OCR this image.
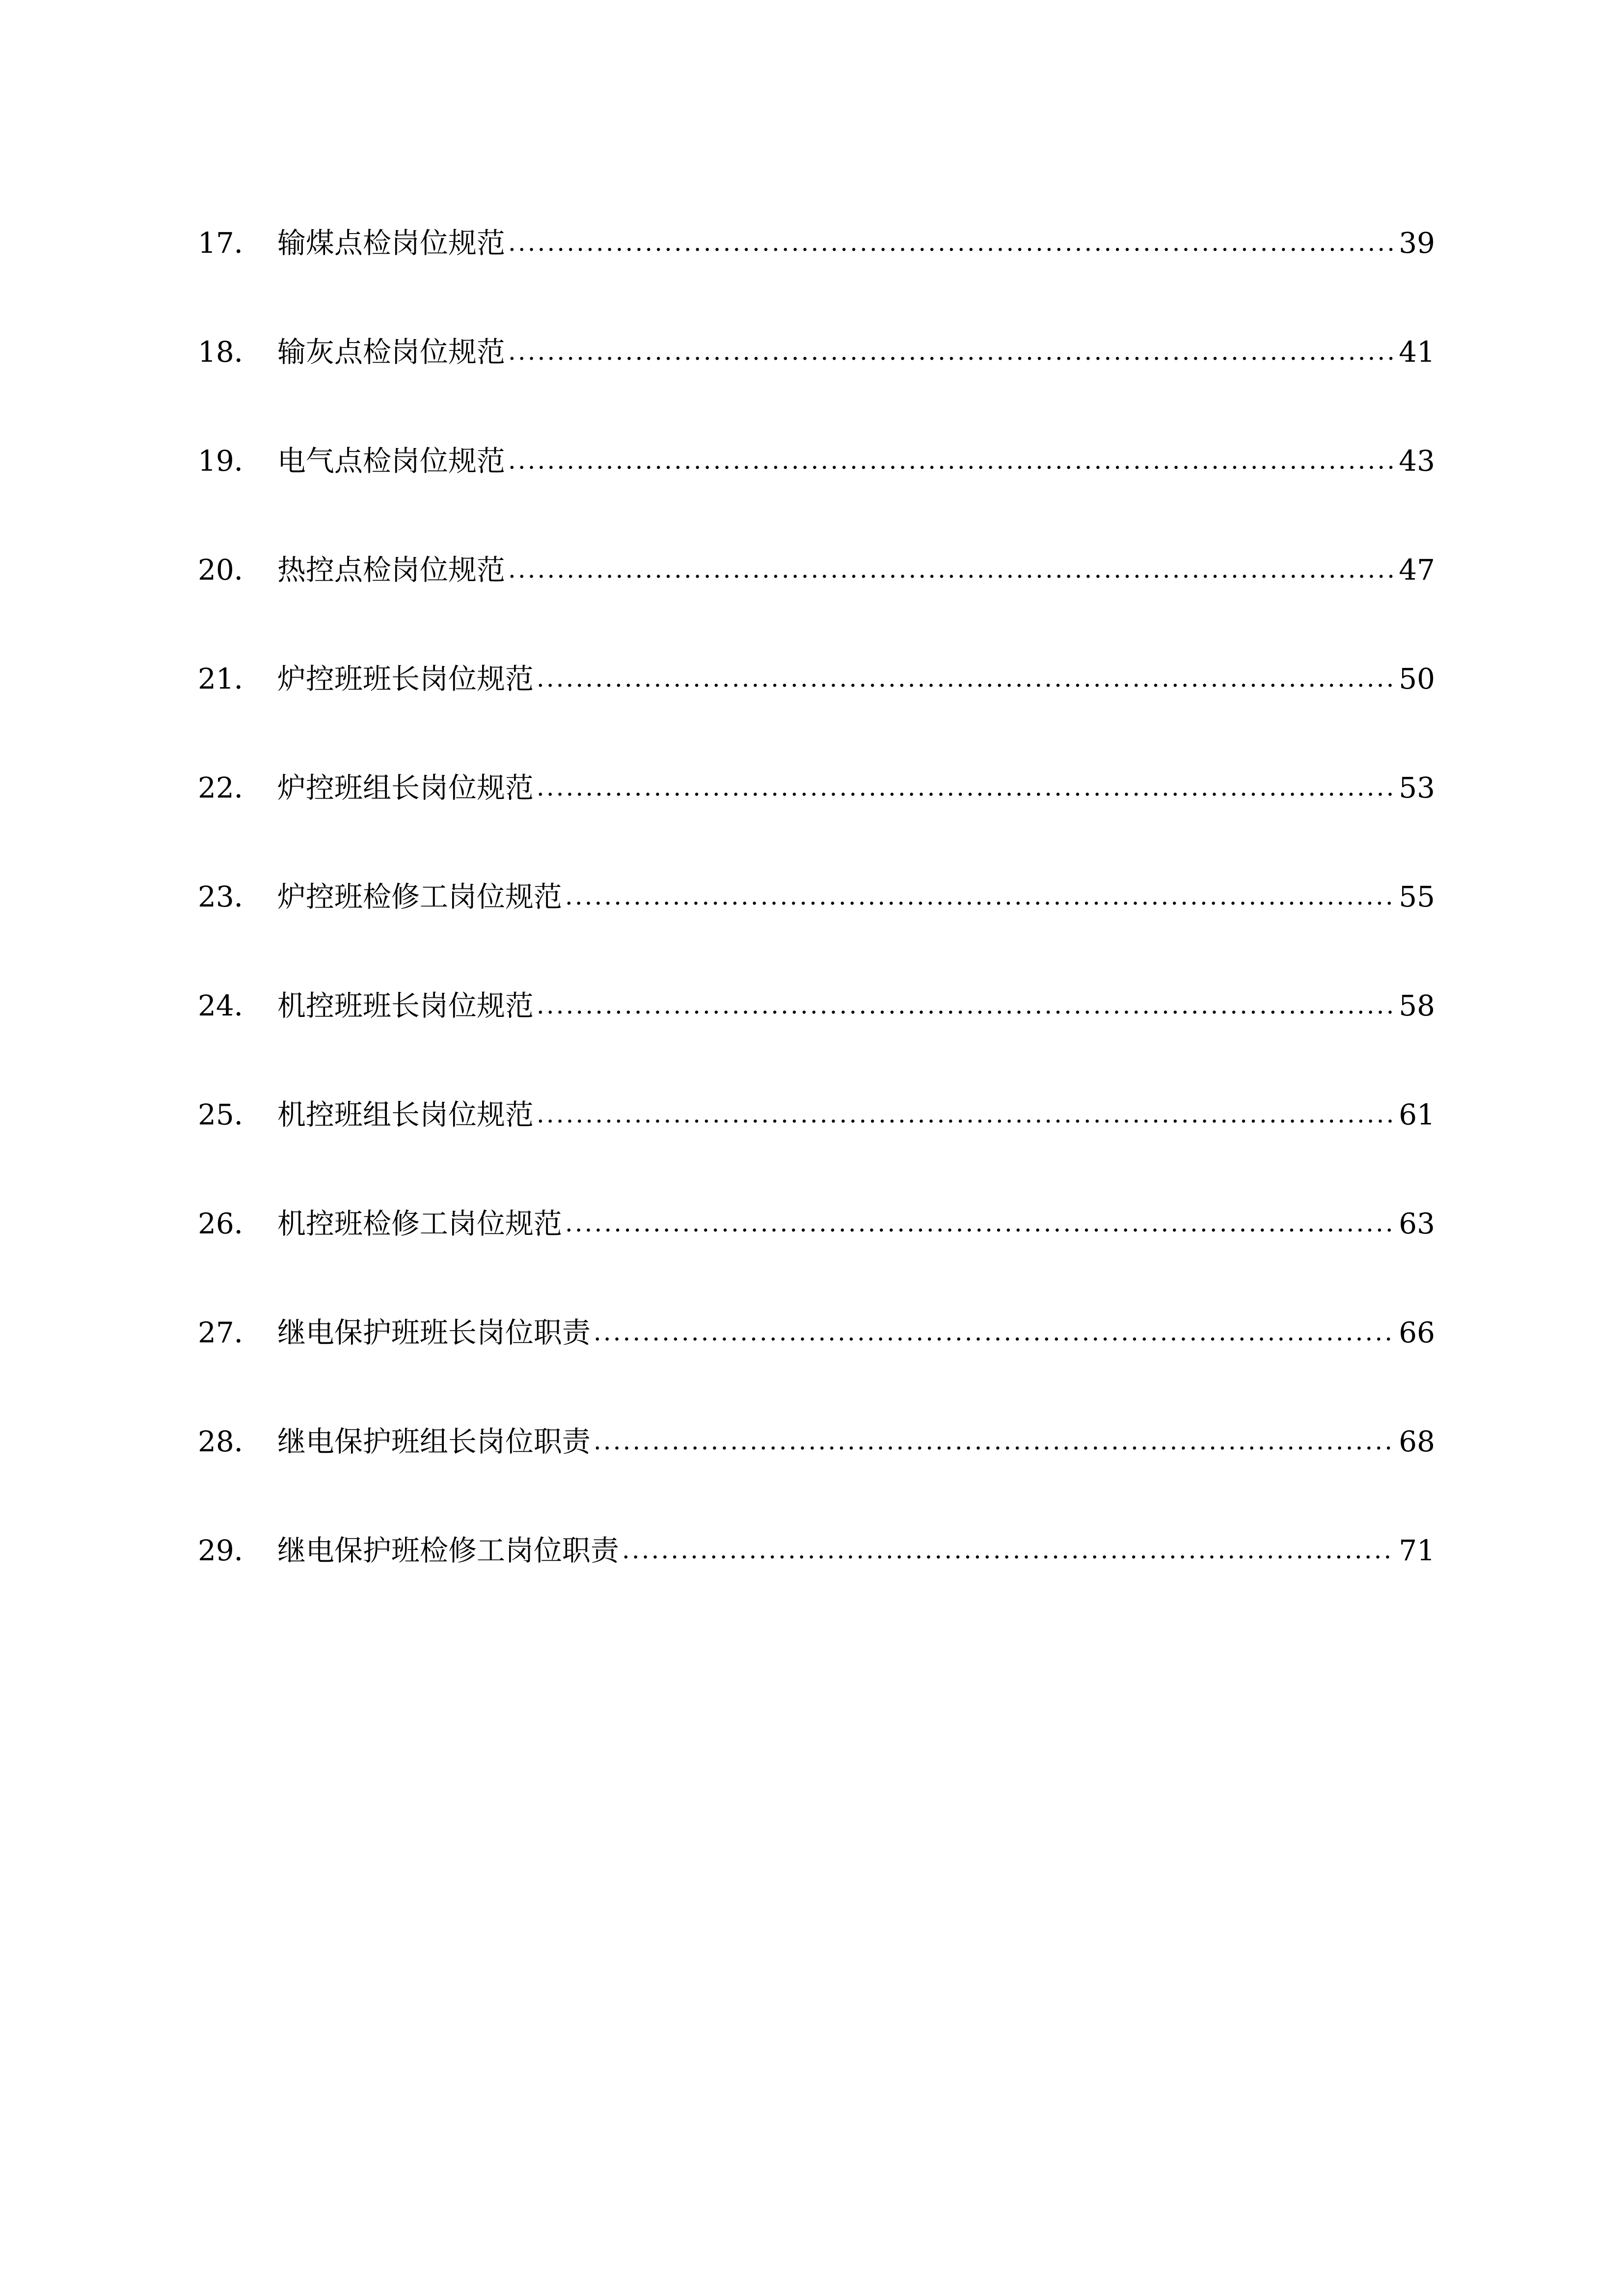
17． 输煤点检岗位规范 .....	39
18． 输灰点检岗位规范 .....	41
19． 电气点检岗位规范 .....	43
20． 热控点检岗位规范 .....	47
21． 炉控班班长岗位规范 .....	50
22． 炉控班组长岗位规范 .....	53
23． 炉控班检修工岗位规范 .....	55
24． 机控班班长岗位规范 .....	58
25． 机控班组长岗位规范 .....	61
26． 机控班检修工岗位规范 .....	63
27． 继电保护班班长岗位职责 .....	66
28． 继电保护班组长岗位职责 .....	68
29． 继电保护班检修工岗位职责 .....	71
